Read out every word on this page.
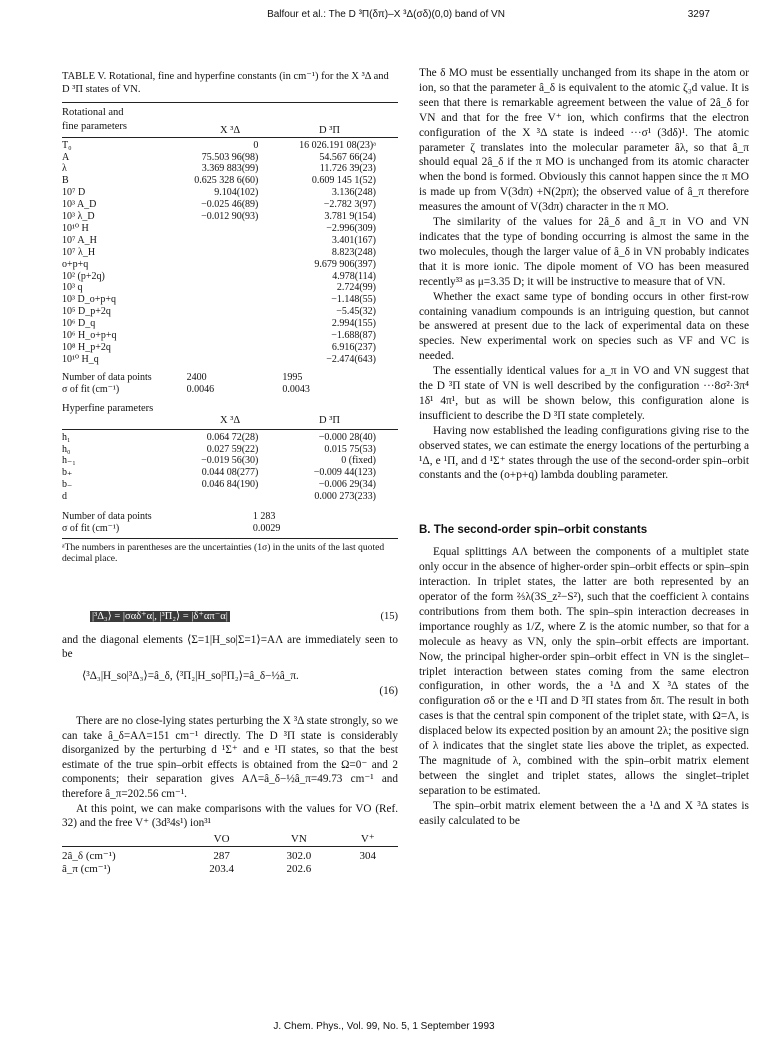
Balfour et al.: The D ³Π(δπ)–X ³Δ(σδ)(0,0) band of VN	3297
TABLE V. Rotational, fine and hyperfine constants (in cm⁻¹) for the X ³Δ and D ³Π states of VN.
Rotational and
fine parameters	X ³Δ	D ³Π
T₀	0	16 026.191 08(23)ᵃ
A	75.503 96(98)	54.567 66(24)
λ	3.369 883(99)	11.726 39(23)
B	0.625 328 6(60)	0.609 145 1(52)
10⁷ D	9.104(102)	3.136(248)
10³ A_D	−0.025 46(89)	−2.782 3(97)
10³ λ_D	−0.012 90(93)	3.781 9(154)
10¹⁰ H		−2.996(309)
10⁷ A_H		3.401(167)
10⁷ λ_H		8.823(248)
o+p+q		9.679 906(397)
10² (p+2q)		4.978(114)
10³ q		2.724(99)
10³ D_o+p+q		−1.148(55)
10⁵ D_p+2q		−5.45(32)
10⁶ D_q		2.994(155)
10⁶ H_o+p+q		−1.688(87)
10⁸ H_p+2q		6.916(237)
10¹⁰ H_q		−2.474(643)
Number of data points	2400	1995
σ of fit (cm⁻¹)	0.0046	0.0043
Hyperfine parameters
X ³Δ	D ³Π
h₁	0.064 72(28)	−0.000 28(40)
h₀	0.027 59(22)	0.015 75(53)
h₋₁	−0.019 56(30)	0 (fixed)
b₊	0.044 08(277)	−0.009 44(123)
b₋	0.046 84(190)	−0.006 29(34)
d		0.000 273(233)
Number of data points	1 283	
σ of fit (cm⁻¹)	0.0029	
ᵃThe numbers in parentheses are the uncertainties (1σ) in the units of the last quoted decimal place.
|³Δ₃⟩ = |σαδ⁺α|, |³Π₂⟩ = |δ⁺απ⁻α|	(15)

and the diagonal elements ⟨Σ=1|H_so|Σ=1⟩=AΛ are immediately seen to be

⟨³Δ₃|H_so|³Δ₃⟩=â_δ, ⟨³Π₂|H_so|³Π₂⟩=â_δ−½â_π.
(16)

There are no close-lying states perturbing the X ³Δ state strongly, so we can take â_δ=AΛ=151 cm⁻¹ directly. The D ³Π state is considerably disorganized by the perturbing d ¹Σ⁺ and e ¹Π states, so that the best estimate of the true spin–orbit effects is obtained from the Ω=0⁻ and 2 components; their separation gives AΛ=â_δ−½â_π=49.73 cm⁻¹ and therefore â_π=202.56 cm⁻¹.

At this point, we can make comparisons with the values for VO (Ref. 32) and the free V⁺ (3d³4s¹) ion³¹

	VO	VN	V⁺
2â_δ (cm⁻¹)	287	302.0	304
â_π (cm⁻¹)	203.4	202.6	

The δ MO must be essentially unchanged from its shape in the atom or ion, so that the parameter â_δ is equivalent to the atomic ζ₃d value. It is seen that there is remarkable agreement between the value of 2â_δ for VN and that for the free V⁺ ion, which confirms that the electron configuration of the X ³Δ state is indeed ···σ¹ (3dδ)¹. The atomic parameter ζ translates into the molecular parameter âλ, so that â_π should equal 2â_δ if the π MO is unchanged from its atomic character when the bond is formed. Obviously this cannot happen since the π MO is made up from V(3dπ) +N(2pπ); the observed value of â_π therefore measures the amount of V(3dπ) character in the π MO.

The similarity of the values for 2â_δ and â_π in VO and VN indicates that the type of bonding occurring is almost the same in the two molecules, though the larger value of â_δ in VN probably indicates that it is more ionic. The dipole moment of VO has been measured recently³³ as μ=3.35 D; it will be instructive to measure that of VN.

Whether the exact same type of bonding occurs in other first-row containing vanadium compounds is an intriguing question, but cannot be answered at present due to the lack of experimental data on these species. New experimental work on species such as VF and VC is needed.

The essentially identical values for a_π in VO and VN suggest that the D ³Π state of VN is well described by the configuration ···8σ²·3π⁴ 1δ¹ 4π¹, but as will be shown below, this configuration alone is insufficient to describe the D ³Π state completely.

Having now established the leading configurations giving rise to the observed states, we can estimate the energy locations of the perturbing a ¹Δ, e ¹Π, and d ¹Σ⁺ states through the use of the second-order spin–orbit constants and the (o+p+q) lambda doubling parameter.

B. The second-order spin–orbit constants

Equal splittings AΛ between the components of a multiplet state only occur in the absence of higher-order spin–orbit effects or spin–spin interaction. In triplet states, the latter are both represented by an operator of the form ⅔λ(3S_z²−S²), such that the coefficient λ contains contributions from them both. The spin–spin interaction decreases in importance roughly as 1/Z, where Z is the atomic number, so that for a molecule as heavy as VN, only the spin–orbit effects are important. Now, the principal higher-order spin–orbit effect in VN is the singlet–triplet interaction between states coming from the same electron configuration, in other words, the a ¹Δ and X ³Δ states of the configuration σδ or the e ¹Π and D ³Π states from δπ. The result in both cases is that the central spin component of the triplet state, with Ω=Λ, is displaced below its expected position by an amount 2λ; the positive sign of λ indicates that the singlet state lies above the triplet, as expected. The magnitude of λ, combined with the spin–orbit matrix element between the singlet and triplet states, allows the singlet–triplet separation to be estimated.

The spin–orbit matrix element between the a ¹Δ and X ³Δ states is easily calculated to be

J. Chem. Phys., Vol. 99, No. 5, 1 September 1993
